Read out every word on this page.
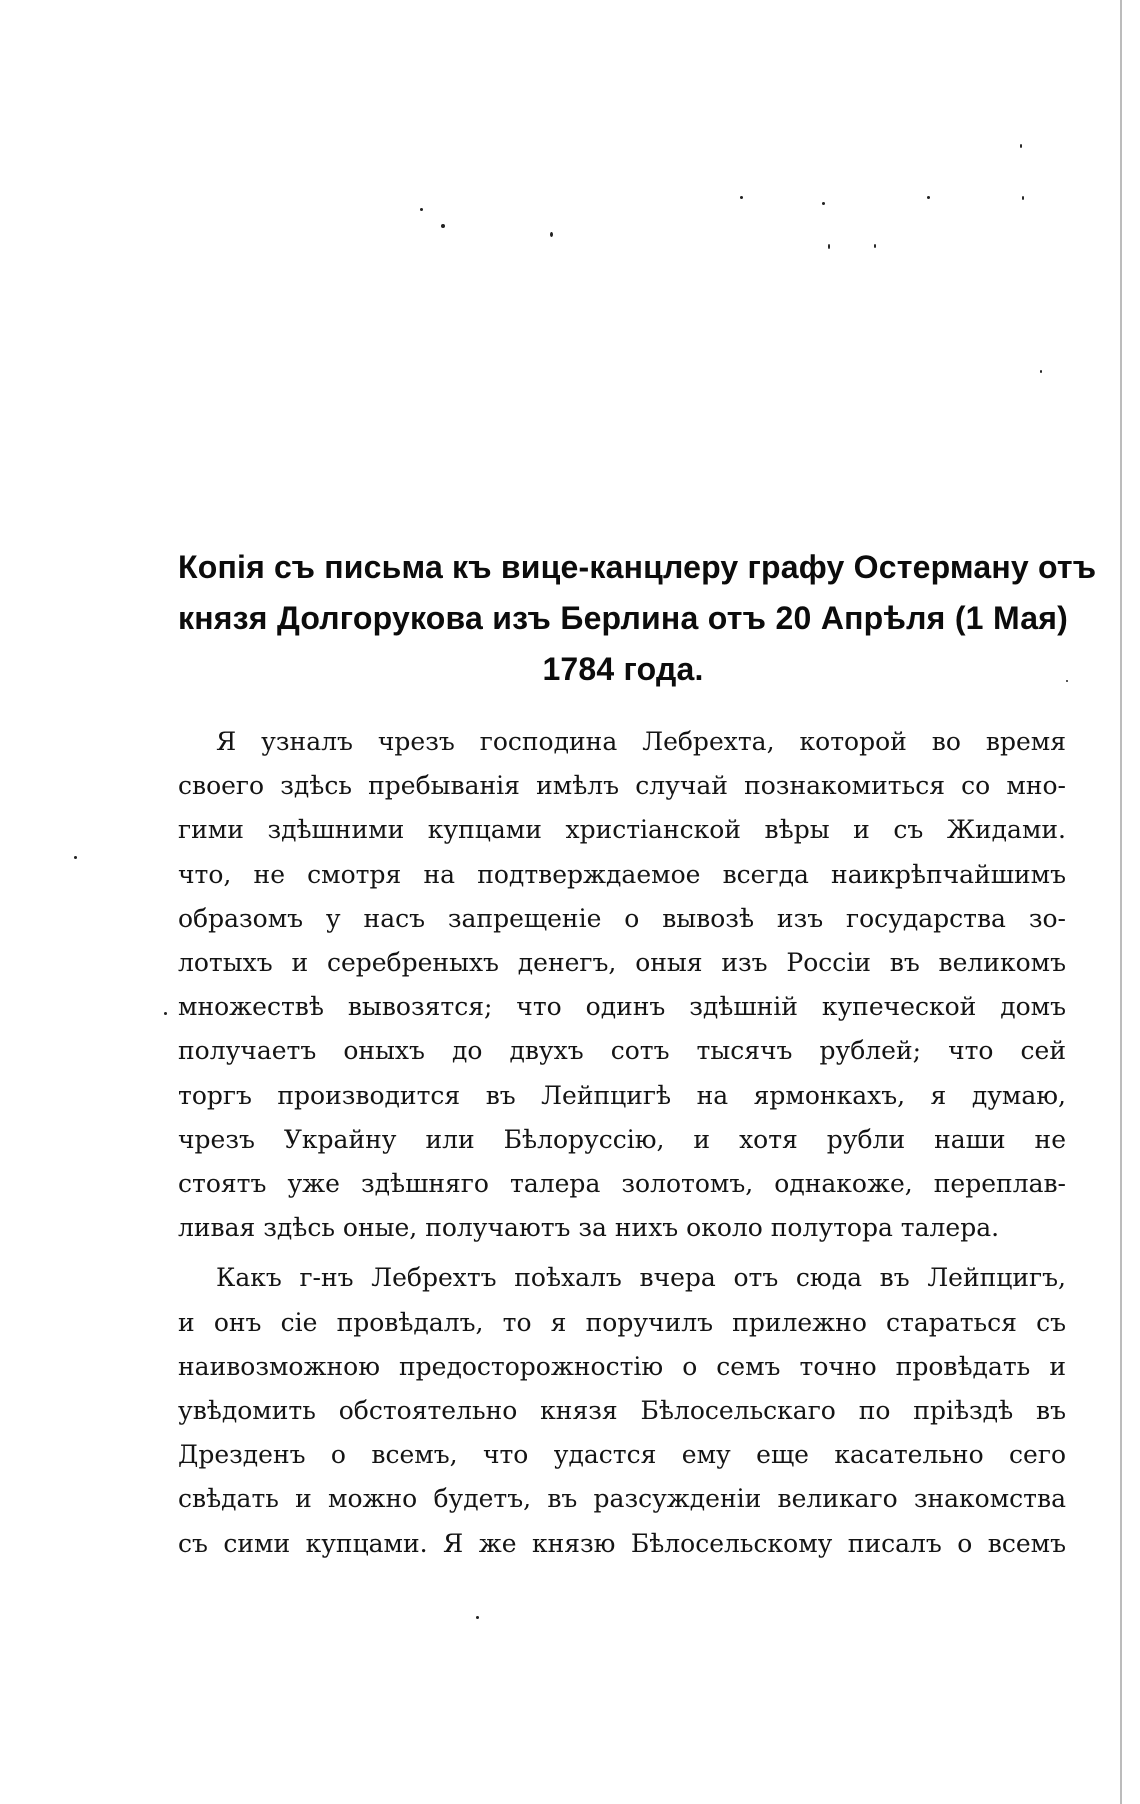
Копія съ письма къ вице-канцлеру графу Остерману отъ
князя Долгорукова изъ Берлина отъ 20 Апрѣля (1 Мая)
1784 года.
Я узналъ чрезъ господина Лебрехта, которой во время
своего здѣсь пребыванія имѣлъ случай познакомиться со мно-
гими здѣшними купцами христіанской вѣры и съ Жидами.
что, не смотря на подтверждаемое всегда наикрѣпчайшимъ
образомъ у насъ запрещеніе о вывозѣ изъ государства зо-
лотыхъ и серебреныхъ денегъ, оныя изъ Россіи въ великомъ
множествѣ вывозятся; что одинъ здѣшній купеческой домъ
получаетъ оныхъ до двухъ сотъ тысячъ рублей; что сей
торгъ производится въ Лейпцигѣ на ярмонкахъ, я думаю,
чрезъ Украйну или Бѣлоруссію, и хотя рубли наши не
стоятъ уже здѣшняго талера золотомъ, однакоже, переплав-
ливая здѣсь оные, получаютъ за нихъ около полутора талера.
Какъ г-нъ Лебрехтъ поѣхалъ вчера отъ сюда въ Лейпцигъ,
и онъ сіе провѣдалъ, то я поручилъ прилежно стараться съ
наивозможною предосторожностію о семъ точно провѣдать и
увѣдомить обстоятельно князя Бѣлосельскаго по пріѣздѣ въ
Дрезденъ о всемъ, что удастся ему еще касательно сего
свѣдать и можно будетъ, въ разсужденіи великаго знакомства
съ сими купцами. Я же князю Бѣлосельскому писалъ о всемъ
